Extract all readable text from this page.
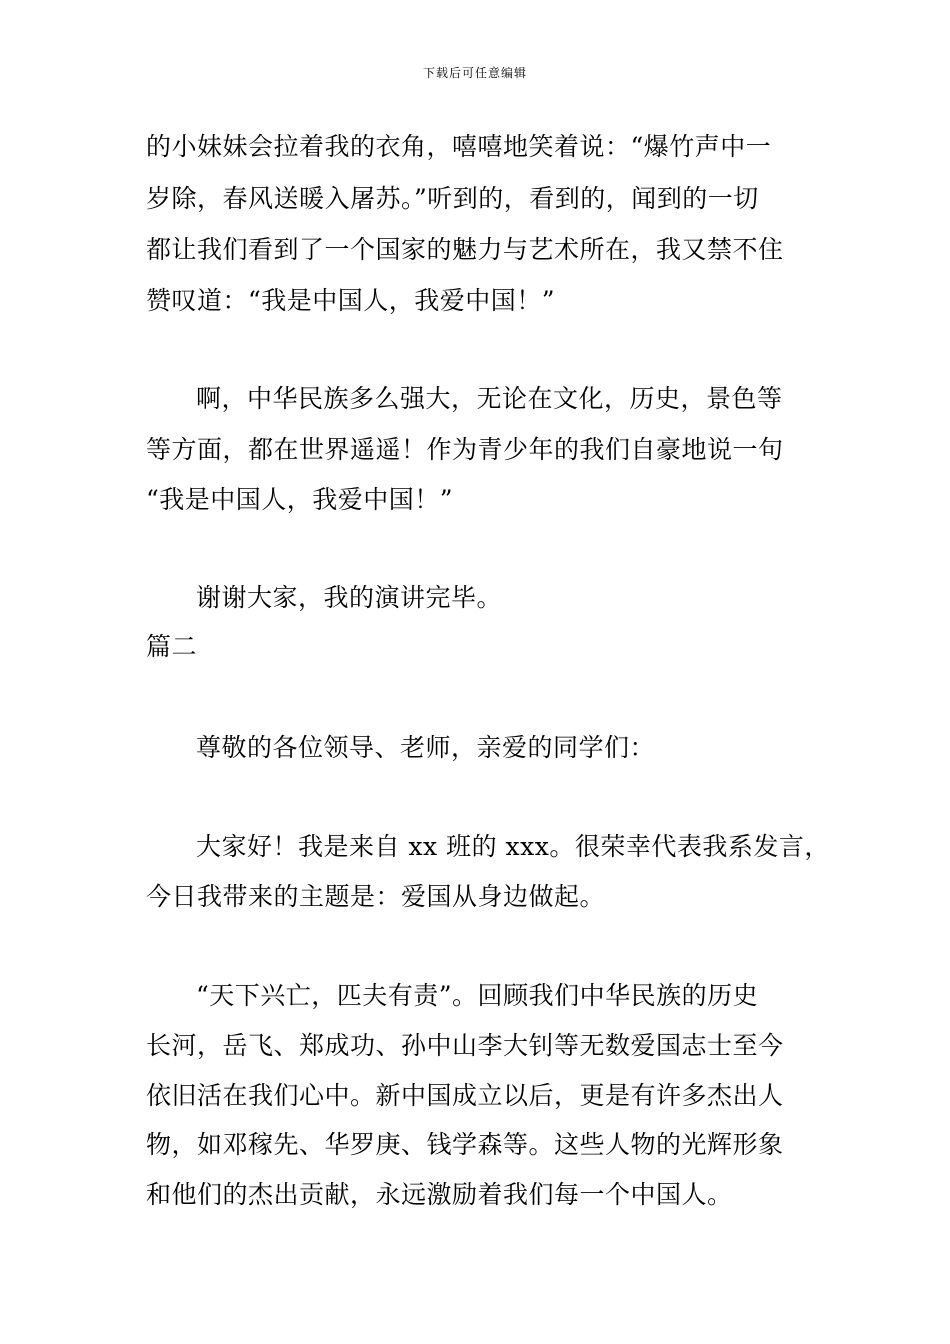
下载后可任意编辑
的小妹妹会拉着我的衣角，嘻嘻地笑着说：“爆竹声中一
岁除，春风送暖入屠苏。”听到的，看到的，闻到的一切
都让我们看到了一个国家的魅力与艺术所在，我又禁不住
赞叹道：“我是中国人，我爱中国！”
啊，中华民族多么强大，无论在文化，历史，景色等
等方面，都在世界遥遥！作为青少年的我们自豪地说一句
“我是中国人，我爱中国！”
谢谢大家，我的演讲完毕。
篇二
尊敬的各位领导、老师，亲爱的同学们：
大家好！我是来自 xx 班的 xxx。很荣幸代表我系发言，
今日我带来的主题是：爱国从身边做起。
“天下兴亡，匹夫有责”。回顾我们中华民族的历史
长河，岳飞、郑成功、孙中山李大钊等无数爱国志士至今
依旧活在我们心中。新中国成立以后，更是有许多杰出人
物，如邓稼先、华罗庚、钱学森等。这些人物的光辉形象
和他们的杰出贡献，永远激励着我们每一个中国人。
